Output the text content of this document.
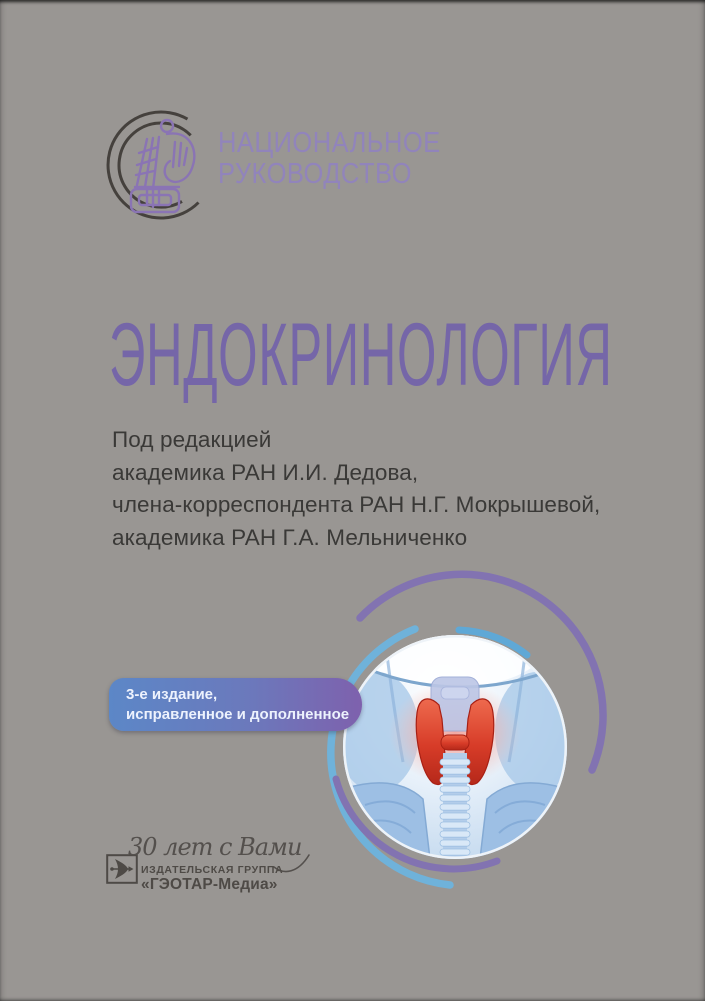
НАЦИОНАЛЬНОЕ
РУКОВОДСТВО
ЭНДОКРИНОЛОГИЯ
Под редакцией
академика РАН И.И. Дедова,
члена-корреспондента РАН Н.Г. Мокрышевой,
академика РАН Г.А. Мельниченко
3-е издание,
исправленное и дополненное
30 лет с Вами
ИЗДАТЕЛЬСКАЯ ГРУППА
«ГЭОТАР-Медиа»
